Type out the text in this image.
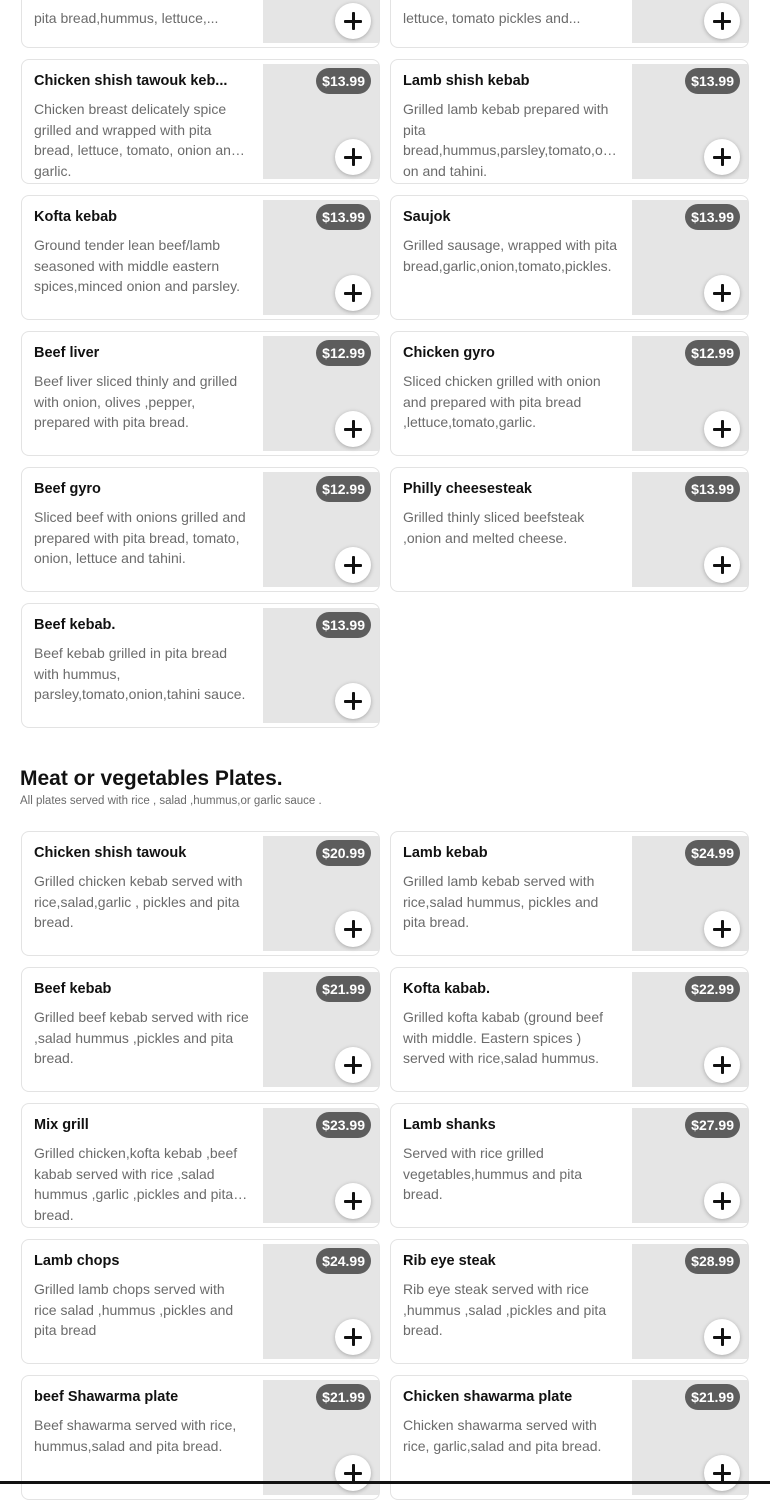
pita bread,hummus, lettuce,...	lettuce, tomato pickles and...
Chicken shish tawouk keb...
Chicken breast delicately spice grilled and wrapped with pita bread, lettuce, tomato, onion and garlic.
$13.99	Lamb shish kebab
Grilled lamb kebab prepared with pita bread,hummus,parsley,tomato,onion and tahini.
$13.99
Kofta kebab
Ground tender lean beef/lamb seasoned with middle eastern spices,minced onion and parsley.
$13.99	Saujok
Grilled sausage, wrapped with pita bread,garlic,onion,tomato,pickles.
$13.99
Beef liver
Beef liver sliced thinly and grilled with onion, olives ,pepper, prepared with pita bread.
$12.99	Chicken gyro
Sliced chicken grilled with onion and prepared with pita bread ,lettuce,tomato,garlic.
$12.99
Beef gyro
Sliced beef with onions grilled and prepared with pita bread, tomato, onion, lettuce and tahini.
$12.99	Philly cheesesteak
Grilled thinly sliced beefsteak ,onion and melted cheese.
$13.99
Beef kebab.
Beef kebab grilled in pita bread with hummus, parsley,tomato,onion,tahini sauce.
$13.99
Meat or vegetables Plates.
All plates served with rice , salad ,hummus,or garlic sauce .
Chicken shish tawouk
Grilled chicken kebab served with rice,salad,garlic , pickles and pita bread.
$20.99	Lamb kebab
Grilled lamb kebab served with rice,salad hummus, pickles and pita bread.
$24.99
Beef kebab
Grilled beef kebab served with rice ,salad hummus ,pickles and pita bread.
$21.99	Kofta kabab.
Grilled kofta kabab (ground beef with middle. Eastern spices ) served with rice,salad hummus.
$22.99
Mix grill
Grilled chicken,kofta kebab ,beef kabab served with rice ,salad hummus ,garlic ,pickles and pita bread.
$23.99	Lamb shanks
Served with rice grilled vegetables,hummus and pita bread.
$27.99
Lamb chops
Grilled lamb chops served with rice salad ,hummus ,pickles and pita bread
$24.99	Rib eye steak
Rib eye steak served with rice ,hummus ,salad ,pickles and pita bread.
$28.99
beef Shawarma plate
Beef shawarma served with rice, hummus,salad and pita bread.
$21.99	Chicken shawarma plate
Chicken shawarma served with rice, garlic,salad and pita bread.
$21.99
